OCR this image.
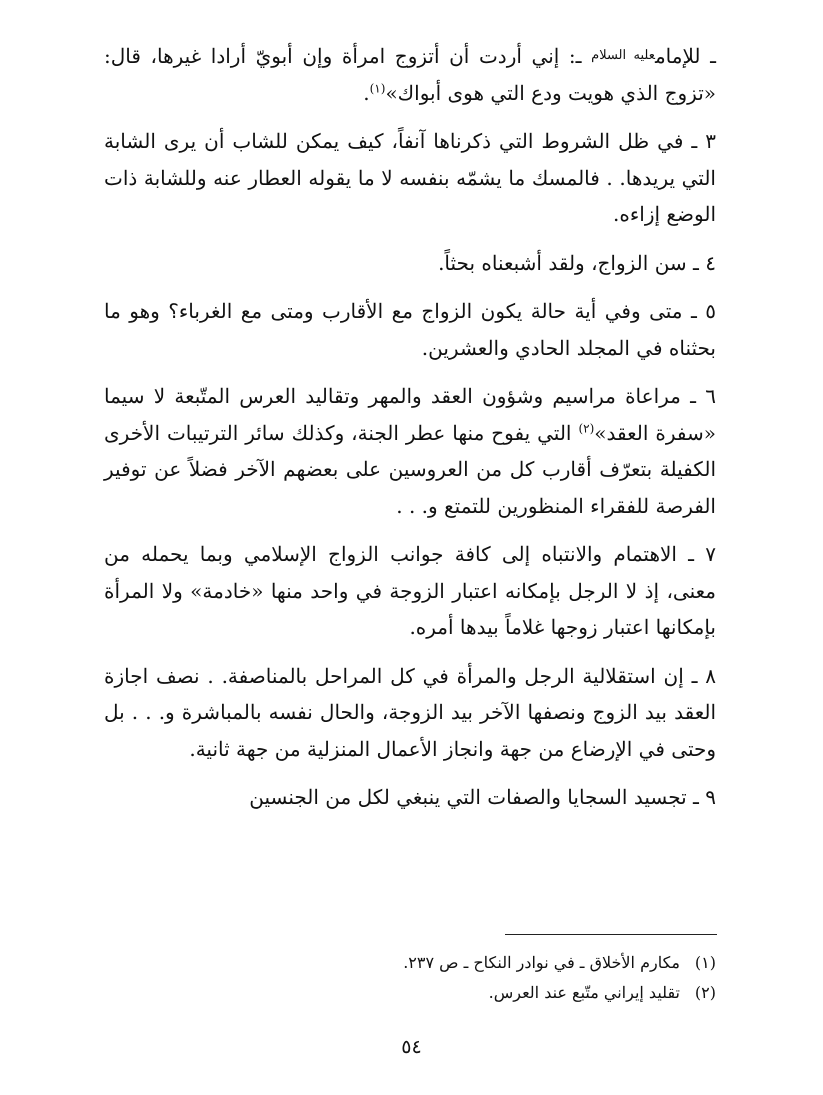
ـ للإمام$^{عليه السلام}$ ـ: إني أردت أن أتزوج امرأة وإن أبويّ أرادا غيرها، قال: «تزوج الذي هويت ودع التي هوى أبواك»$^{(١)}$.

٣ ـ في ظل الشروط التي ذكرناها آنفاً، كيف يمكن للشاب أن يرى الشابة التي يريدها. . فالمسك ما يشمّه بنفسه لا ما يقوله العطار عنه وللشابة ذات الوضع إزاءه.

٤ ـ سن الزواج، ولقد أشبعناه بحثاً.

٥ ـ متى وفي أية حالة يكون الزواج مع الأقارب ومتى مع الغرباء؟ وهو ما بحثناه في المجلد الحادي والعشرين.

٦ ـ مراعاة مراسيم وشؤون العقد والمهر وتقاليد العرس المتّبعة لا سيما «سفرة العقد»$^{(٢)}$ التي يفوح منها عطر الجنة، وكذلك سائر الترتيبات الأخرى الكفيلة بتعرّف أقارب كل من العروسين على بعضهم الآخر فضلاً عن توفير الفرصة للفقراء المنظورين للتمتع و. . .

٧ ـ الاهتمام والانتباه إلى كافة جوانب الزواج الإسلامي وبما يحمله من معنى، إذ لا الرجل بإمكانه اعتبار الزوجة في واحد منها «خادمة» ولا المرأة بإمكانها اعتبار زوجها غلاماً بيدها أمره.

٨ ـ إن استقلالية الرجل والمرأة في كل المراحل بالمناصفة. . نصف اجازة العقد بيد الزوج ونصفها الآخر بيد الزوجة، والحال نفسه بالمباشرة و. . . بل وحتى في الإرضاع من جهة وانجاز الأعمال المنزلية من جهة ثانية.

٩ ـ تجسيد السجايا والصفات التي ينبغي لكل من الجنسين

(١)مكارم الأخلاق ـ في نوادر النكاح ـ ص ٢٣٧.

(٢)تقليد إيراني متّبع عند العرس.

٥٤
